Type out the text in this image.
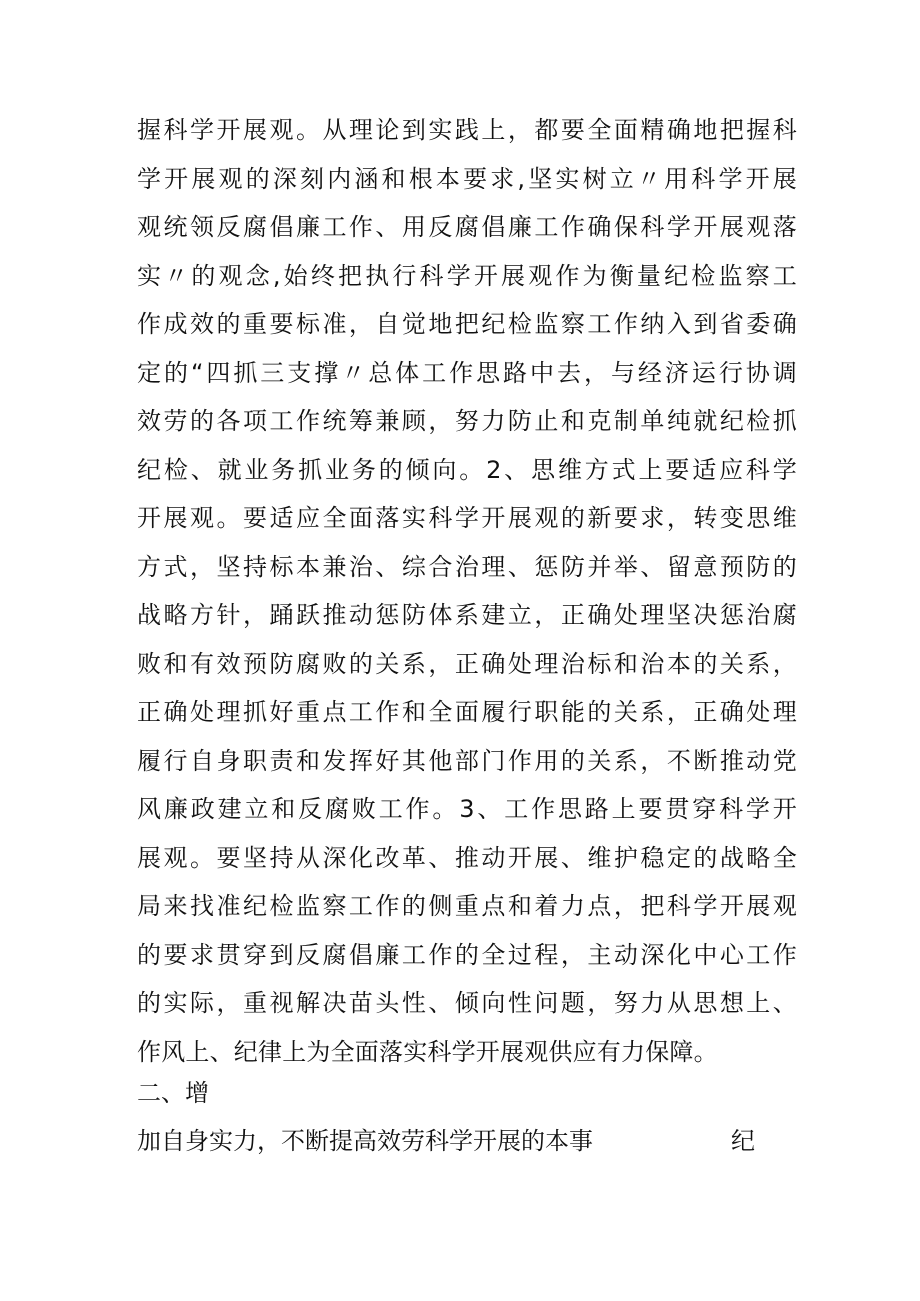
握科学开展观。从理论到实践上，都要全面精确地把握科
学开展观的深刻内涵和根本要求,坚实树立〃用科学开展
观统领反腐倡廉工作、用反腐倡廉工作确保科学开展观落
实〃的观念,始终把执行科学开展观作为衡量纪检监察工
作成效的重要标准，自觉地把纪检监察工作纳入到省委确
定的“四抓三支撑〃总体工作思路中去，与经济运行协调
效劳的各项工作统筹兼顾，努力防止和克制单纯就纪检抓
纪检、就业务抓业务的倾向。2、思维方式上要适应科学
开展观。要适应全面落实科学开展观的新要求，转变思维
方式，坚持标本兼治、综合治理、惩防并举、留意预防的
战略方针，踊跃推动惩防体系建立，正确处理坚决惩治腐
败和有效预防腐败的关系，正确处理治标和治本的关系，
正确处理抓好重点工作和全面履行职能的关系，正确处理
履行自身职责和发挥好其他部门作用的关系，不断推动党
风廉政建立和反腐败工作。3、工作思路上要贯穿科学开
展观。要坚持从深化改革、推动开展、维护稳定的战略全
局来找准纪检监察工作的侧重点和着力点，把科学开展观
的要求贯穿到反腐倡廉工作的全过程，主动深化中心工作
的实际，重视解决苗头性、倾向性问题，努力从思想上、
作风上、纪律上为全面落实科学开展观供应有力保障。
二、增
加自身实力，不断提高效劳科学开展的本事	纪
